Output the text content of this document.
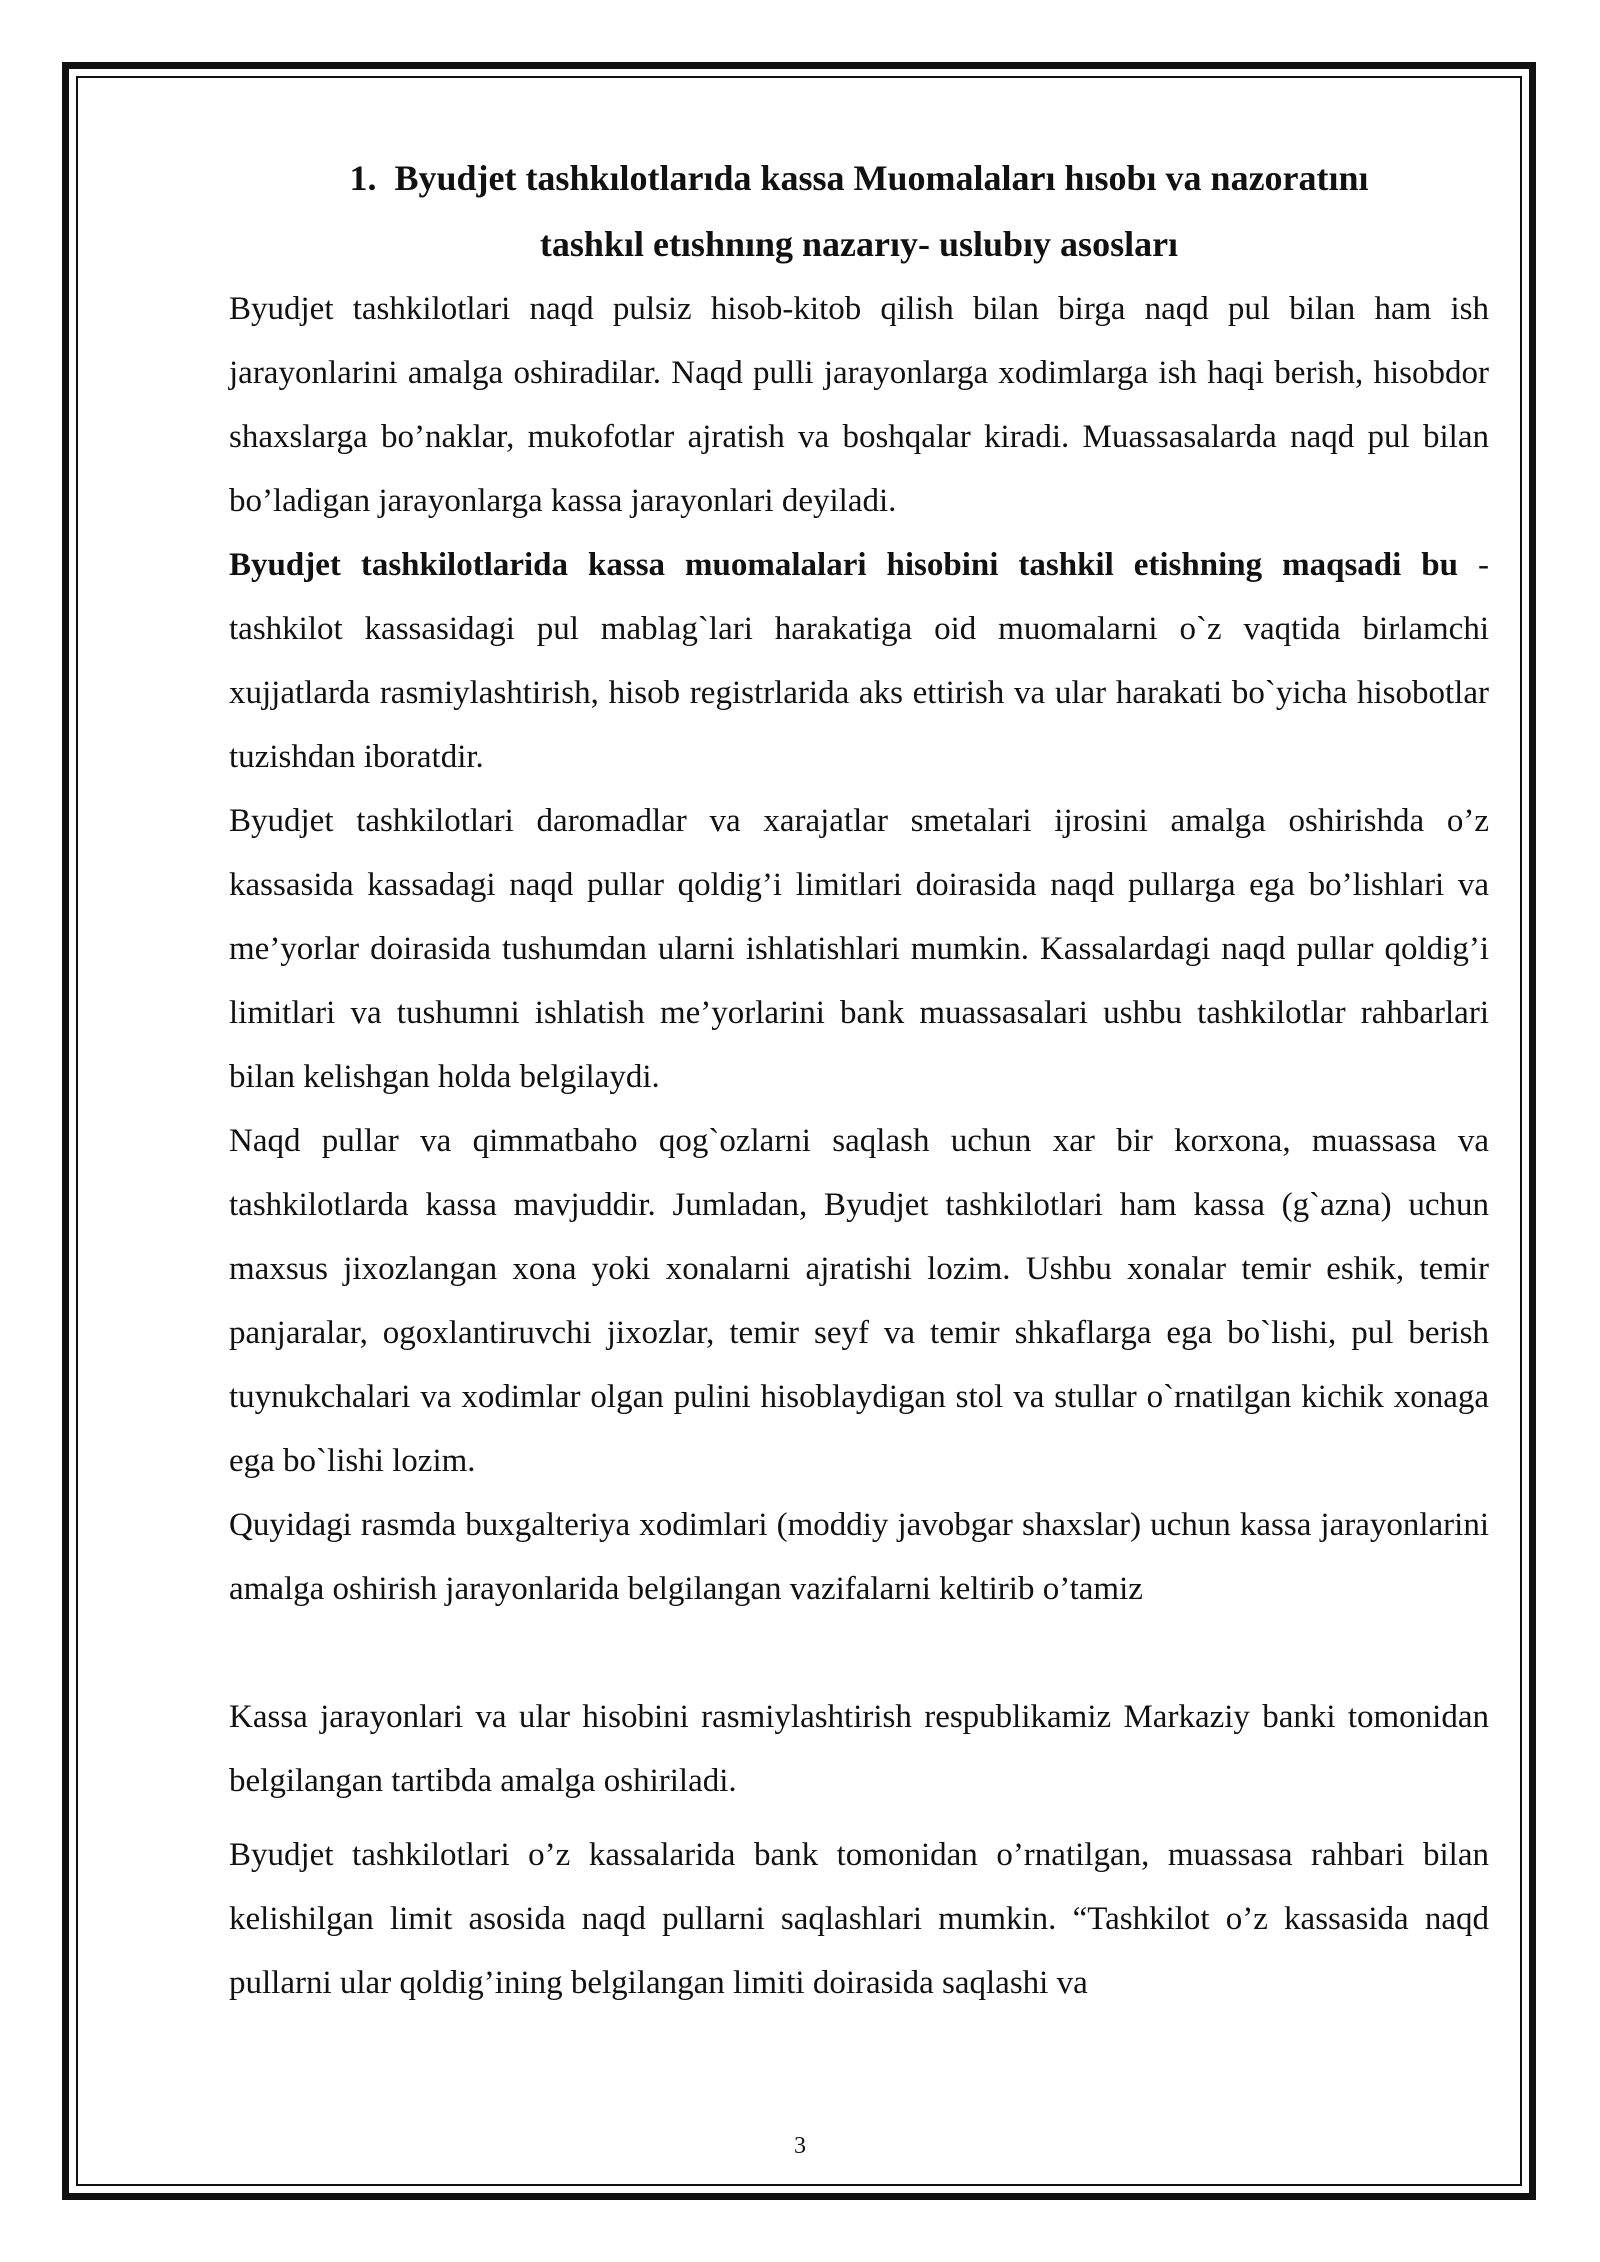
1. Byudjet tashkılotlarıda kassa Muomalaları hısobı va nazoratını
tashkıl etıshnıng nazarıy- uslubıy asosları

Byudjet tashkilotlari naqd pulsiz hisob-kitob qilish bilan birga naqd pul bilan ham ish jarayonlarini amalga oshiradilar. Naqd pulli jarayonlarga xodimlarga ish haqi berish, hisobdor shaxslarga bo’naklar, mukofotlar ajratish va boshqalar kiradi. Muassasalarda naqd pul bilan bo’ladigan jarayonlarga kassa jarayonlari deyiladi.

Byudjet tashkilotlarida kassa muomalalari hisobini tashkil etishning maqsadi bu - tashkilot kassasidagi pul mablag`lari harakatiga oid muomalarni o`z vaqtida birlamchi xujjatlarda rasmiylashtirish, hisob registrlarida aks ettirish va ular harakati bo`yicha hisobotlar tuzishdan iboratdir.

Byudjet tashkilotlari daromadlar va xarajatlar smetalari ijrosini amalga oshirishda o’z kassasida kassadagi naqd pullar qoldig’i limitlari doirasida naqd pullarga ega bo’lishlari va me’yorlar doirasida tushumdan ularni ishlatishlari mumkin. Kassalardagi naqd pullar qoldig’i limitlari va tushumni ishlatish me’yorlarini bank muassasalari ushbu tashkilotlar rahbarlari bilan kelishgan holda belgilaydi.

Naqd pullar va qimmatbaho qog`ozlarni saqlash uchun xar bir korxona, muassasa va tashkilotlarda kassa mavjuddir. Jumladan, Byudjet tashkilotlari ham kassa (g`azna) uchun maxsus jixozlangan xona yoki xonalarni ajratishi lozim. Ushbu xonalar temir eshik, temir panjaralar, ogoxlantiruvchi jixozlar, temir seyf va temir shkaflarga ega bo`lishi, pul berish tuynukchalari va xodimlar olgan pulini hisoblaydigan stol va stullar o`rnatilgan kichik xonaga ega bo`lishi lozim.

Quyidagi rasmda buxgalteriya xodimlari (moddiy javobgar shaxslar) uchun kassa jarayonlarini amalga oshirish jarayonlarida belgilangan vazifalarni keltirib o’tamiz

Kassa jarayonlari va ular hisobini rasmiylashtirish respublikamiz Markaziy banki tomonidan belgilangan tartibda amalga oshiriladi.

Byudjet tashkilotlari o’z kassalarida bank tomonidan o’rnatilgan, muassasa rahbari bilan kelishilgan limit asosida naqd pullarni saqlashlari mumkin. “Tashkilot o’z kassasida naqd pullarni ular qoldig’ining belgilangan limiti doirasida saqlashi va

3
